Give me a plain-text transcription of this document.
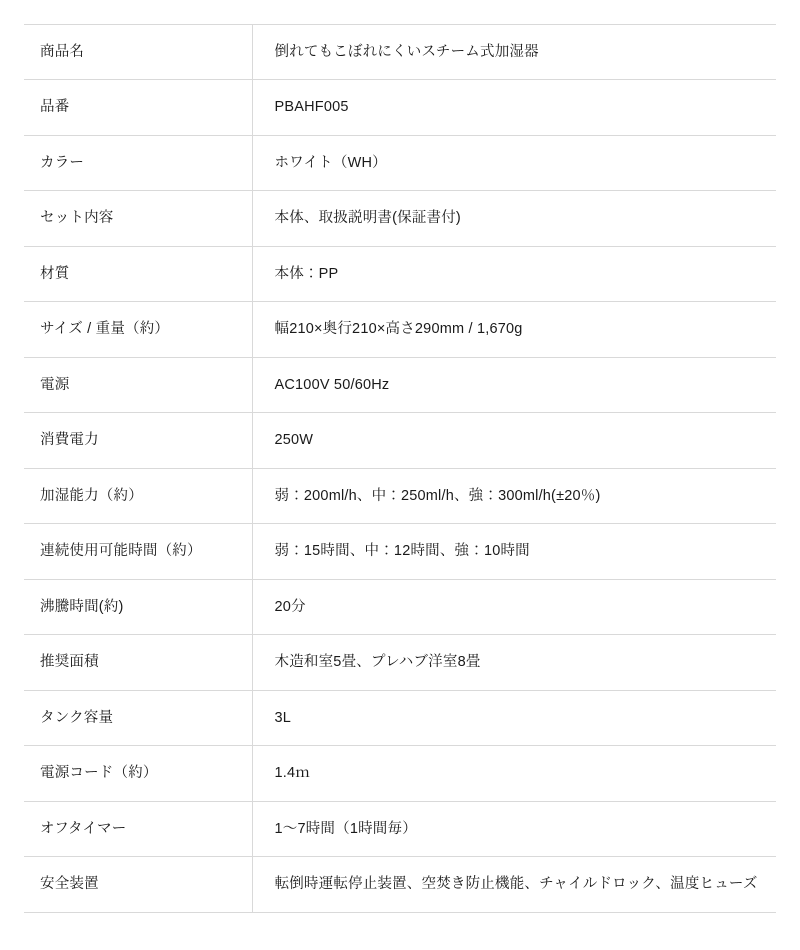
商品名	倒れてもこぼれにくいスチーム式加湿器
品番	PBAHF005
カラー	ホワイト（WH）
セット内容	本体、取扱説明書(保証書付)
材質	本体：PP
サイズ / 重量（約）	幅210×奥行210×高さ290mm / 1,670g
電源	AC100V 50/60Hz
消費電力	250W
加湿能力（約）	弱：200ml/h、中：250ml/h、強：300ml/h(±20％)
連続使用可能時間（約）	弱：15時間、中：12時間、強：10時間
沸騰時間(約)	20分
推奨面積	木造和室5畳、プレハブ洋室8畳
タンク容量	3L
電源コード（約）	1.4ｍ
オフタイマー	1～7時間（1時間毎）
安全装置	転倒時運転停止装置、空焚き防止機能、チャイルドロック、温度ヒューズ
